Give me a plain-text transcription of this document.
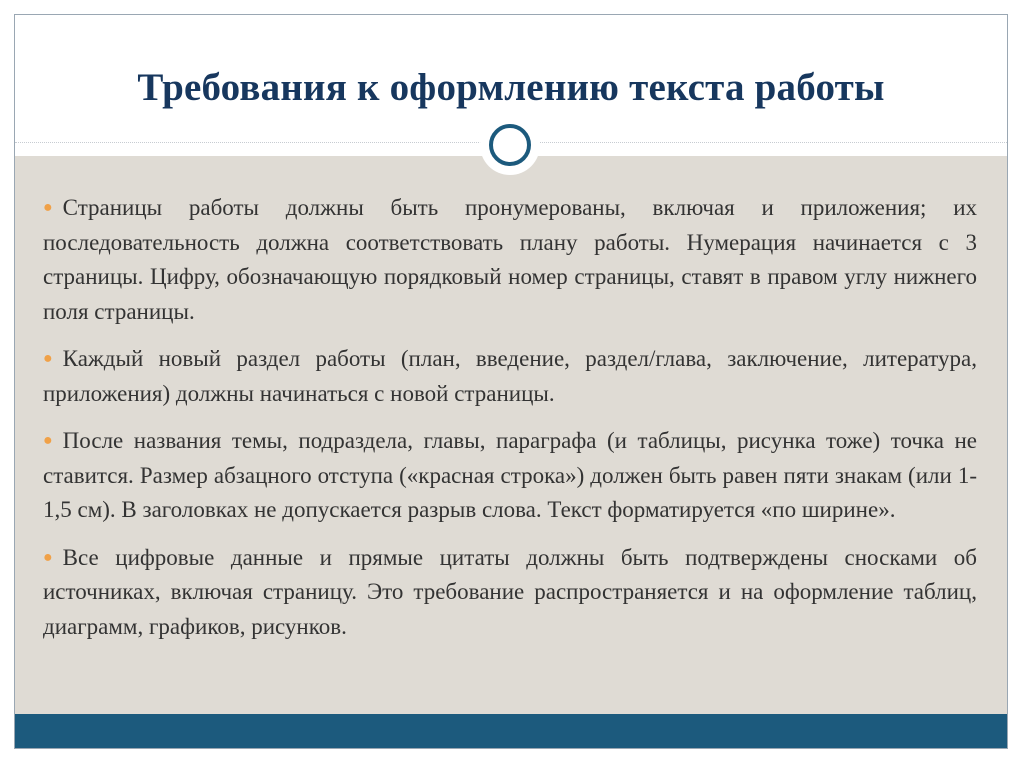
Требования к оформлению текста работы
● Страницы работы должны быть пронумерованы, включая и приложения; их последовательность должна соответствовать плану работы. Нумерация начинается с 3 страницы. Цифру, обозначающую порядковый номер страницы, ставят в правом углу нижнего поля страницы.
● Каждый новый раздел работы (план, введение, раздел/глава, заключение, литература, приложения) должны начинаться с новой страницы.
● После названия темы, подраздела, главы, параграфа (и таблицы, рисунка тоже) точка не ставится. Размер абзацного отступа («красная строка») должен быть равен пяти знакам (или 1-1,5 см). В заголовках не допускается разрыв слова. Текст форматируется «по ширине».
● Все цифровые данные и прямые цитаты должны быть подтверждены сносками об источниках, включая страницу. Это требование распространяется и на оформление таблиц, диаграмм, графиков, рисунков.
